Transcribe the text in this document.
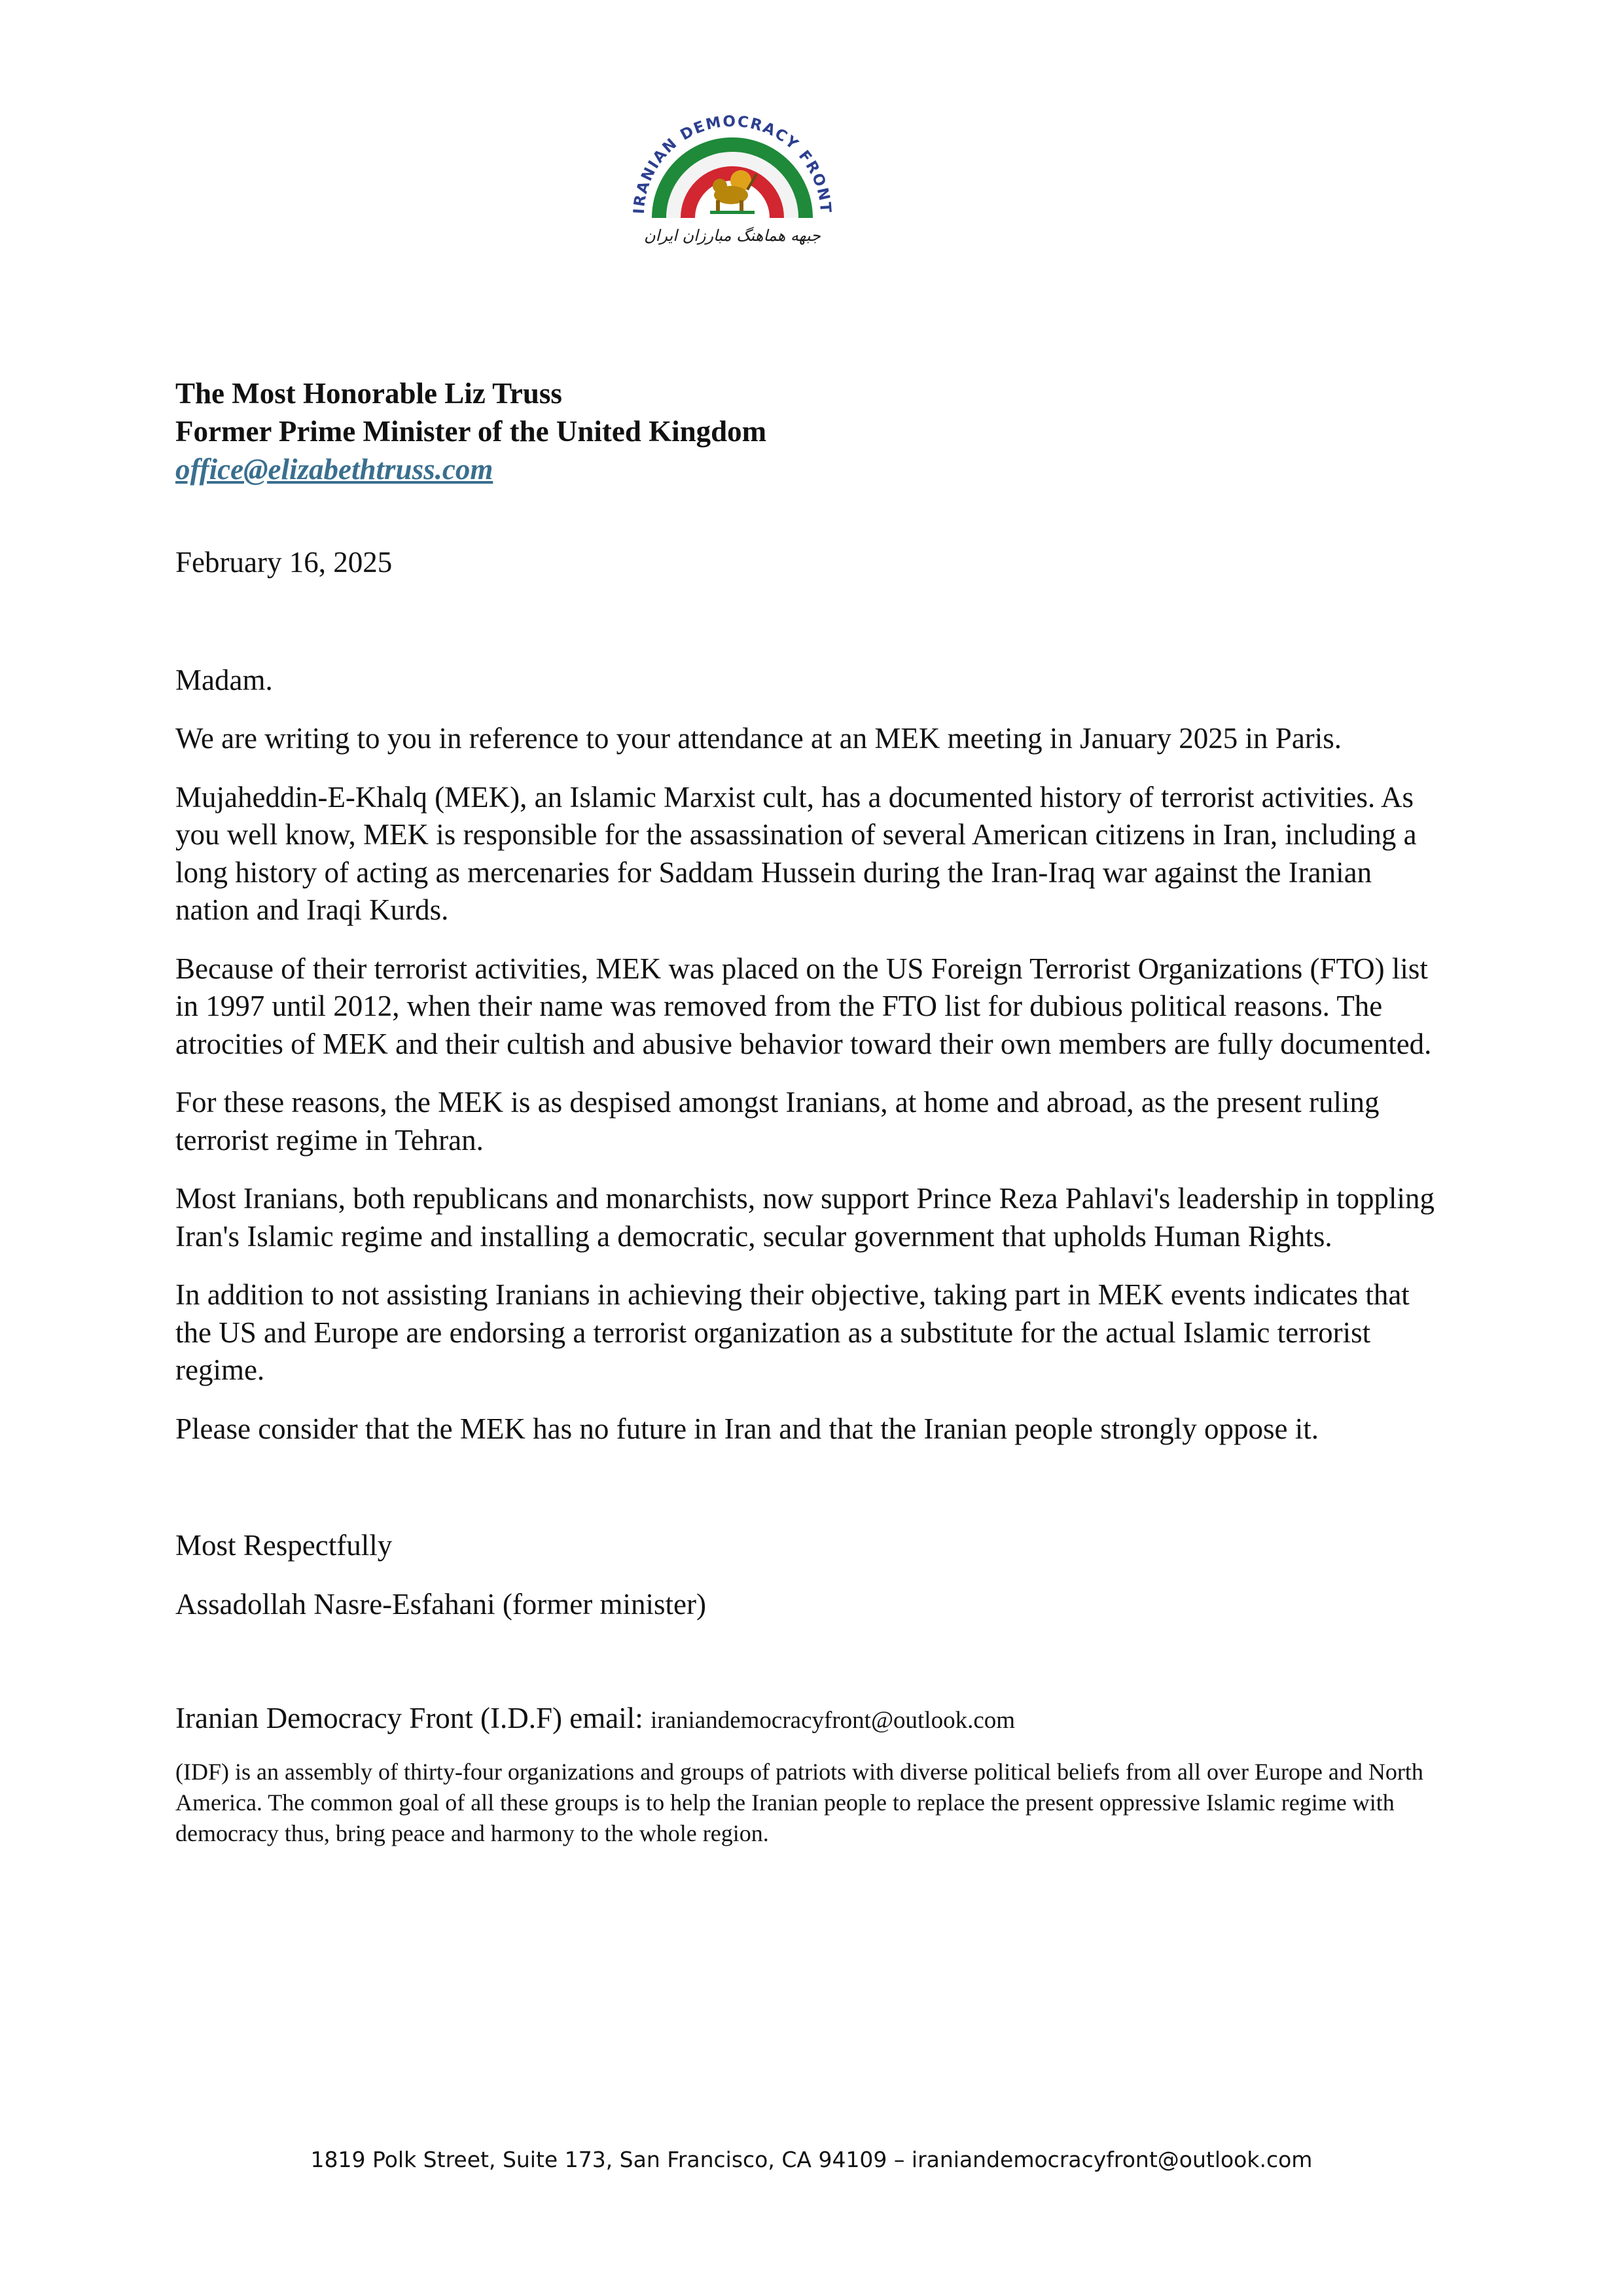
IRANIAN DEMOCRACY FRONT
جبهه هماهنگ مبارزان ایران
The Most Honorable Liz Truss
Former Prime Minister of the United Kingdom
office@elizabethtruss.com
February 16, 2025
Madam.
We are writing to you in reference to your attendance at an MEK meeting in January 2025 in Paris.
Mujaheddin-E-Khalq (MEK), an Islamic Marxist cult, has a documented history of terrorist activities. As you well know, MEK is responsible for the assassination of several American citizens in Iran, including a long history of acting as mercenaries for Saddam Hussein during the Iran-Iraq war against the Iranian nation and Iraqi Kurds.
Because of their terrorist activities, MEK was placed on the US Foreign Terrorist Organizations (FTO) list in 1997 until 2012, when their name was removed from the FTO list for dubious political reasons. The atrocities of MEK and their cultish and abusive behavior toward their own members are fully documented.
For these reasons, the MEK is as despised amongst Iranians, at home and abroad, as the present ruling terrorist regime in Tehran.
Most Iranians, both republicans and monarchists, now support Prince Reza Pahlavi's leadership in toppling Iran's Islamic regime and installing a democratic, secular government that upholds Human Rights.
In addition to not assisting Iranians in achieving their objective, taking part in MEK events indicates that the US and Europe are endorsing a terrorist organization as a substitute for the actual Islamic terrorist regime.
Please consider that the MEK has no future in Iran and that the Iranian people strongly oppose it.
Most Respectfully
Assadollah Nasre-Esfahani (former minister)
Iranian Democracy Front (I.D.F) email: iraniandemocracyfront@outlook.com
(IDF) is an assembly of thirty-four organizations and groups of patriots with diverse political beliefs from all over Europe and North America. The common goal of all these groups is to help the Iranian people to replace the present oppressive Islamic regime with democracy thus, bring peace and harmony to the whole region.
1819 Polk Street, Suite 173, San Francisco, CA 94109 – iraniandemocracyfront@outlook.com
